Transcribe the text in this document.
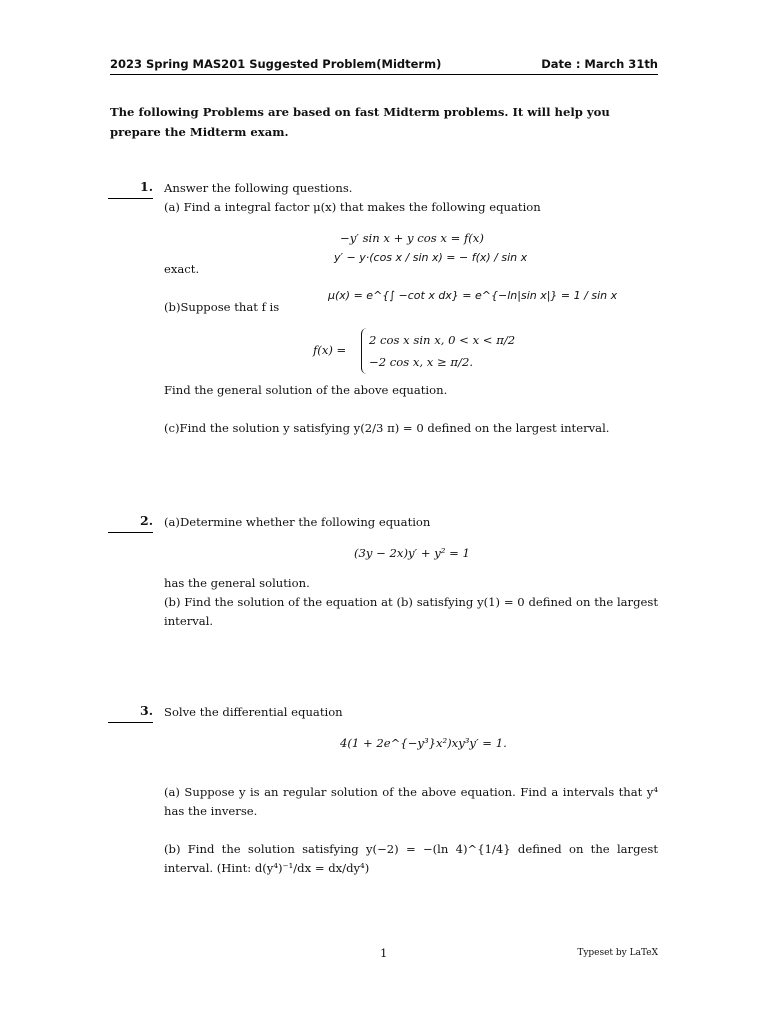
2023 Spring MAS201 Suggested Problem(Midterm)	Date : March 31th
The following Problems are based on fast Midterm problems. It will help you
prepare the Midterm exam.
1. Answer the following questions.
(a) Find a integral factor μ(x) that makes the following equation
−y′ sin x + y cos x = f(x)
y′ − y·(cos x / sin x) = − f(x) / sin x
exact.
μ(x) = e^{∫ −cot x dx} = e^{−ln|sin x|} = 1 / sin x
(b)Suppose that f is
f(x) =
2 cos x sin x, 0 < x < π/2
−2 cos x, x ≥ π/2.
Find the general solution of the above equation.
(c)Find the solution y satisfying y(2/3 π) = 0 defined on the largest interval.
2. (a)Determine whether the following equation
(3y − 2x)y′ + y² = 1
has the general solution.
(b) Find the solution of the equation at (b) satisfying y(1) = 0 defined on the largest interval.
3. Solve the differential equation
4(1 + 2e^{−y³}x²)xy³y′ = 1.
(a) Suppose y is an regular solution of the above equation. Find a intervals that y⁴ has the inverse.
(b) Find the solution satisfying y(−2) = −(ln 4)^{1/4} defined on the largest interval. (Hint: d(y⁴)⁻¹/dx = dx/dy⁴)
1	Typeset by LaTeX
